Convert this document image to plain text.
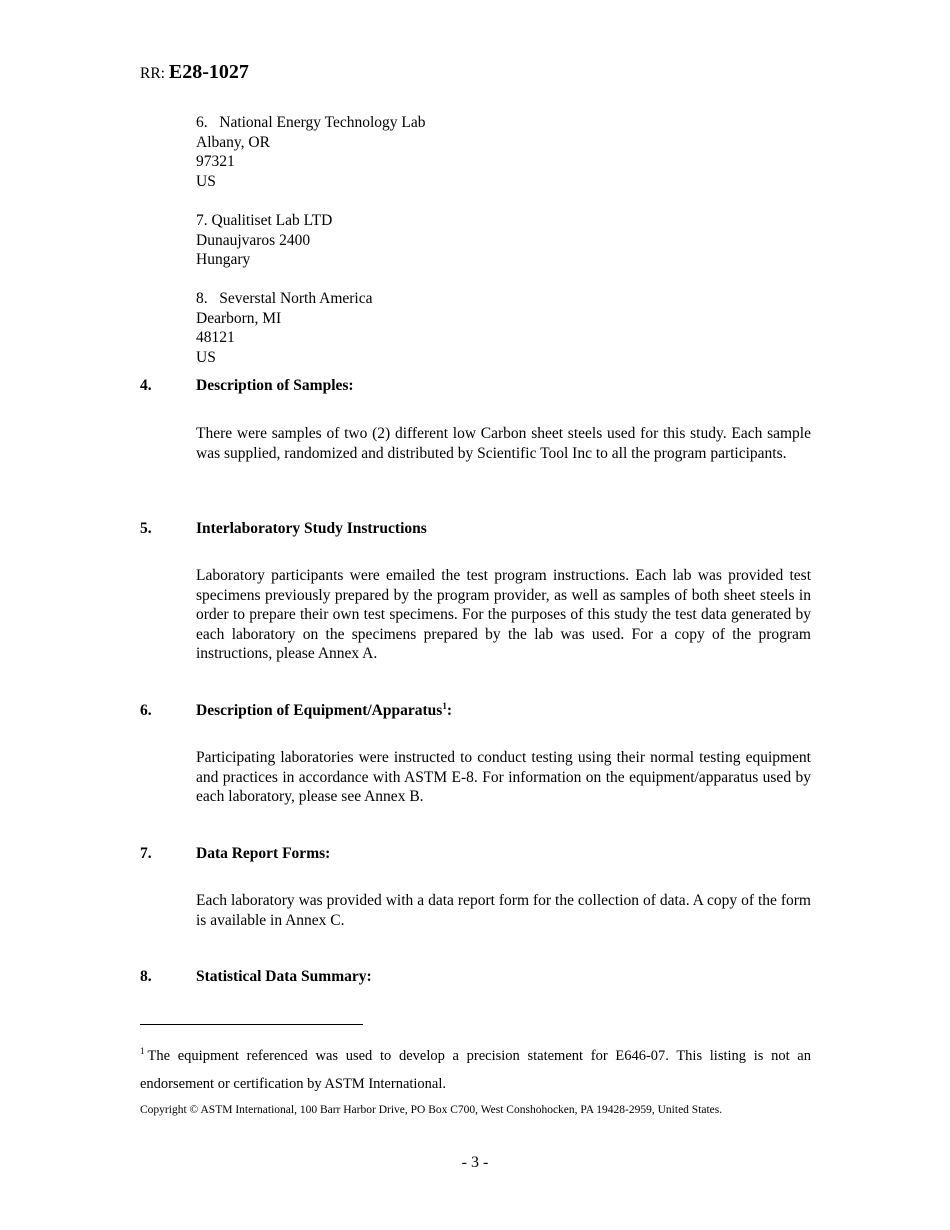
RR: E28-1027
6.   National Energy Technology Lab
Albany, OR
97321
US
7. Qualitiset Lab LTD
Dunaujvaros 2400
Hungary
8.   Severstal North America
Dearborn, MI
48121
US
4.	Description of Samples:
There were samples of two (2) different low Carbon sheet steels used for this study. Each sample was supplied, randomized and distributed by Scientific Tool Inc to all the program participants.
5.	Interlaboratory Study Instructions
Laboratory participants were emailed the test program instructions. Each lab was provided test specimens previously prepared by the program provider, as well as samples of both sheet steels in order to prepare their own test specimens. For the purposes of this study the test data generated by each laboratory on the specimens prepared by the lab was used. For a copy of the program instructions, please Annex A.
6.	Description of Equipment/Apparatus$^1$:
Participating laboratories were instructed to conduct testing using their normal testing equipment and practices in accordance with ASTM E-8. For information on the equipment/apparatus used by each laboratory, please see Annex B.
7.	Data Report Forms:
Each laboratory was provided with a data report form for the collection of data. A copy of the form is available in Annex C.
8.	Statistical Data Summary:
$^1$ The equipment referenced was used to develop a precision statement for E646-07. This listing is not an endorsement or certification by ASTM International.
Copyright © ASTM International, 100 Barr Harbor Drive, PO Box C700, West Conshohocken, PA 19428-2959, United States.
- 3 -
